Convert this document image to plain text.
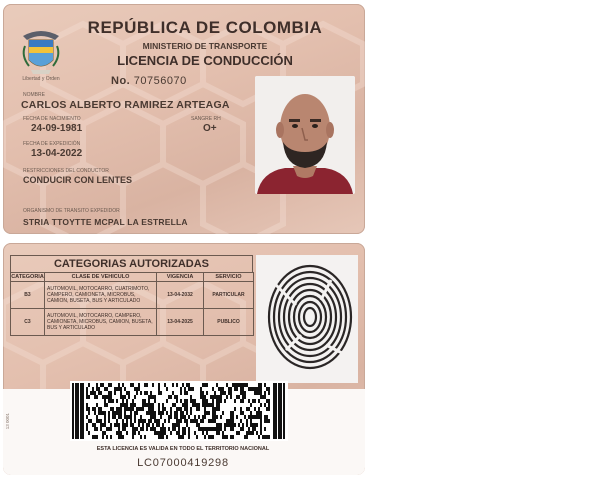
Libertad y Orden
REPÚBLICA DE COLOMBIA
MINISTERIO DE TRANSPORTE
LICENCIA DE CONDUCCIÓN
No. 70756070
NOMBRE
CARLOS ALBERTO RAMIREZ ARTEAGA
FECHA DE NACIMIENTO
24-09-1981
SANGRE RH
O+
FECHA DE EXPEDICIÓN
13-04-2022
RESTRICCIONES DEL CONDUCTOR
CONDUCIR CON LENTES
ORGANISMO DE TRANSITO EXPEDIDOR
STRIA TTOYTTE MCPAL LA ESTRELLA
CATEGORIAS AUTORIZADAS
CATEGORIA	CLASE DE VEHICULO	VIGENCIA	SERVICIO
B3	AUTOMOVIL, MOTOCARRO, CUATRIMOTO, CAMPERO, CAMIONETA, MICROBUS, CAMION, BUSETA, BUS Y ARTICULADO	13-04-2032	PARTICULAR
C3	AUTOMOVIL, MOTOCARRO, CAMPERO, CAMIONETA, MICROBUS, CAMION, BUSETA, BUS Y ARTICULADO	13-04-2025	PUBLICO
ESTA LICENCIA ES VALIDA EN TODO EL TERRITORIO NACIONAL
LC07000419298
13 0001
